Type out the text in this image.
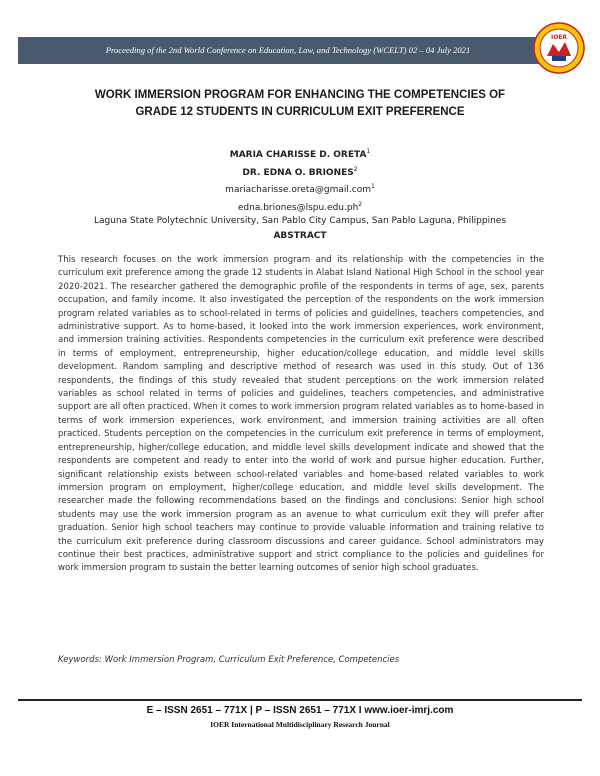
Proceeding of the 2nd World Conference on Education, Law, and Technology (WCELT) 02 – 04 July 2021
IOER
WORK IMMERSION PROGRAM FOR ENHANCING THE COMPETENCIES OF
GRADE 12 STUDENTS IN CURRICULUM EXIT PREFERENCE
MARIA CHARISSE D. ORETA$^1$
DR. EDNA O. BRIONES$^2$
mariacharisse.oreta@gmail.com$^1$
$edna.briones@lspu.edu.ph^2$
Laguna State Polytechnic University, San Pablo City Campus, San Pablo Laguna, Philippines
ABSTRACT
This research focuses on the work immersion program and its relationship with the competencies in the curriculum exit preference among the grade 12 students in Alabat Island National High School in the school year 2020-2021. The researcher gathered the demographic profile of the respondents in terms of age, sex, parents occupation, and family income. It also investigated the perception of the respondents on the work immersion program related variables as to school-related in terms of policies and guidelines, teachers competencies, and administrative support. As to home-based, it looked into the work immersion experiences, work environment, and immersion training activities. Respondents competencies in the curriculum exit preference were described in terms of employment, entrepreneurship, higher education/college education, and middle level skills development. Random sampling and descriptive method of research was used in this study. Out of 136 respondents, the findings of this study revealed that student perceptions on the work immersion related variables as school related in terms of policies and guidelines, teachers competencies, and administrative support are all often practiced. When it comes to work immersion program related variables as to home-based in terms of work immersion experiences, work environment, and immersion training activities are all often practiced. Students perception on the competencies in the curriculum exit preference in terms of employment, entrepreneurship, higher/college education, and middle level skills development indicate and showed that the respondents are competent and ready to enter into the world of work and pursue higher education. Further, significant relationship exists between school-related variables and home-based related variables to work immersion program on employment, higher/college education, and middle level skills development. The researcher made the following recommendations based on the findings and conclusions: Senior high school students may use the work immersion program as an avenue to what curriculum exit they will prefer after graduation. Senior high school teachers may continue to provide valuable information and training relative to the curriculum exit preference during classroom discussions and career guidance. School administrators may continue their best practices, administrative support and strict compliance to the policies and guidelines for work immersion program to sustain the better learning outcomes of senior high school graduates.
Keywords: Work Immersion Program, Curriculum Exit Preference, Competencies
E – ISSN 2651 – 771X | P – ISSN 2651 – 771X I www.ioer-imrj.com
IOER International Multidisciplinary Research Journal
